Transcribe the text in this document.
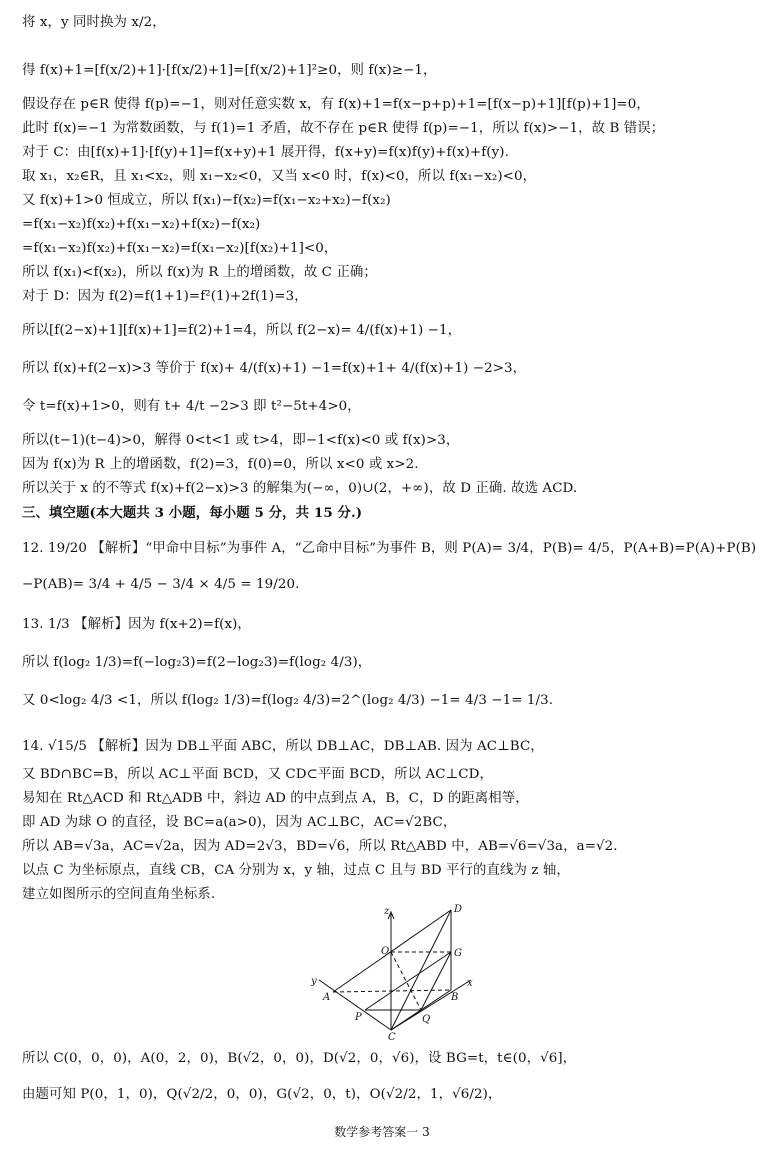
将 x，y 同时换为 x/2，
得 f(x)+1=[f(x/2)+1]·[f(x/2)+1]=[f(x/2)+1]²≥0，则 f(x)≥−1，
假设存在 p∈R 使得 f(p)=−1，则对任意实数 x，有 f(x)+1=f(x−p+p)+1=[f(x−p)+1][f(p)+1]=0，
此时 f(x)=−1 为常数函数，与 f(1)=1 矛盾，故不存在 p∈R 使得 f(p)=−1，所以 f(x)>−1，故 B 错误；
对于 C：由[f(x)+1]·[f(y)+1]=f(x+y)+1 展开得，f(x+y)=f(x)f(y)+f(x)+f(y).
取 x₁，x₂∈R，且 x₁<x₂，则 x₁−x₂<0，又当 x<0 时，f(x)<0，所以 f(x₁−x₂)<0，
又 f(x)+1>0 恒成立，所以 f(x₁)−f(x₂)=f(x₁−x₂+x₂)−f(x₂)
=f(x₁−x₂)f(x₂)+f(x₁−x₂)+f(x₂)−f(x₂)
=f(x₁−x₂)f(x₂)+f(x₁−x₂)=f(x₁−x₂)[f(x₂)+1]<0，
所以 f(x₁)<f(x₂)，所以 f(x)为 R 上的增函数，故 C 正确；
对于 D：因为 f(2)=f(1+1)=f²(1)+2f(1)=3，
所以[f(2−x)+1][f(x)+1]=f(2)+1=4，所以 f(2−x)= 4/(f(x)+1) −1，
所以 f(x)+f(2−x)>3 等价于 f(x)+ 4/(f(x)+1) −1=f(x)+1+ 4/(f(x)+1) −2>3，
令 t=f(x)+1>0，则有 t+ 4/t −2>3 即 t²−5t+4>0，
所以(t−1)(t−4)>0，解得 0<t<1 或 t>4，即−1<f(x)<0 或 f(x)>3，
因为 f(x)为 R 上的增函数，f(2)=3，f(0)=0，所以 x<0 或 x>2.
所以关于 x 的不等式 f(x)+f(2−x)>3 的解集为(−∞，0)∪(2，+∞)，故 D 正确. 故选 ACD.
三、填空题(本大题共 3 小题，每小题 5 分，共 15 分.)
12. 19/20 【解析】“甲命中目标”为事件 A，“乙命中目标”为事件 B，则 P(A)= 3/4，P(B)= 4/5，P(A+B)=P(A)+P(B)
−P(AB)= 3/4 + 4/5 − 3/4 × 4/5 = 19/20.
13. 1/3 【解析】因为 f(x+2)=f(x)，
所以 f(log₂ 1/3)=f(−log₂3)=f(2−log₂3)=f(log₂ 4/3)，
又 0<log₂ 4/3 <1，所以 f(log₂ 1/3)=f(log₂ 4/3)=2^(log₂ 4/3) −1= 4/3 −1= 1/3.
14. √15/5 【解析】因为 DB⊥平面 ABC，所以 DB⊥AC，DB⊥AB. 因为 AC⊥BC，
又 BD∩BC=B，所以 AC⊥平面 BCD，又 CD⊂平面 BCD，所以 AC⊥CD，
易知在 Rt△ACD 和 Rt△ADB 中，斜边 AD 的中点到点 A，B，C，D 的距离相等，
即 AD 为球 O 的直径，设 BC=a(a>0)，因为 AC⊥BC，AC=√2BC，
所以 AB=√3a，AC=√2a，因为 AD=2√3，BD=√6，所以 Rt△ABD 中，AB=√6=√3a，a=√2.
以点 C 为坐标原点，直线 CB，CA 分别为 x，y 轴，过点 C 且与 BD 平行的直线为 z 轴，
建立如图所示的空间直角坐标系.
z	D
O	G
y	x
A	B
P	Q
C
所以 C(0，0，0)，A(0，2，0)，B(√2，0，0)，D(√2，0，√6)，设 BG=t，t∈(0，√6]，
由题可知 P(0，1，0)，Q(√2/2，0，0)，G(√2，0，t)，O(√2/2，1，√6/2)，
数学参考答案一 3
